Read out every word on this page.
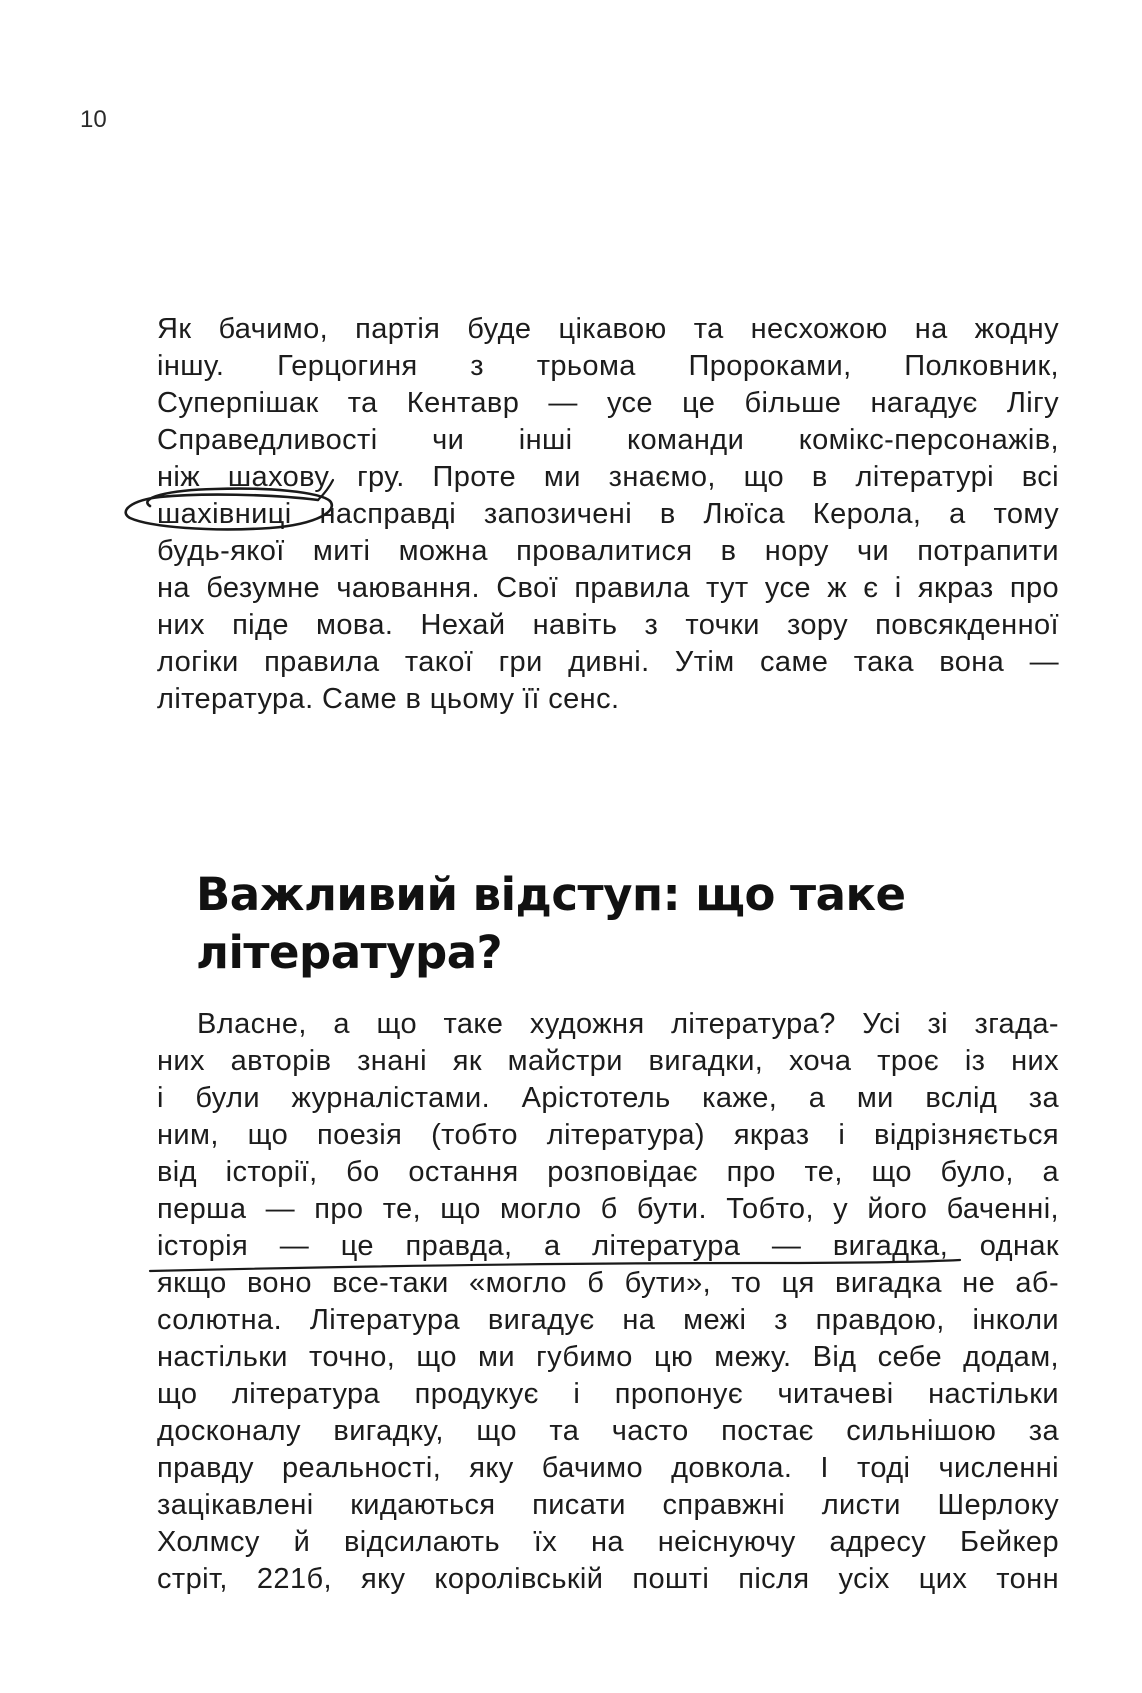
10
Як бачимо, партія буде цікавою та несхожою на жодну
іншу. Герцогиня з трьома Пророками, Полковник,
Суперпішак та Кентавр — усе це більше нагадує Лігу
Справедливості чи інші команди комікс-персонажів,
ніж шахову гру. Проте ми знаємо, що в літературі всі
шахівниці насправді запозичені в Люїса Керола, а тому
будь-якої миті можна провалитися в нору чи потрапити
на безумне чаювання. Свої правила тут усе ж є і якраз про
них піде мова. Нехай навіть з точки зору повсякденної
логіки правила такої гри дивні. Утім саме така вона —
література. Саме в цьому її сенс.
Важливий відступ: що таке
література?
Власне, а що таке художня література? Усі зі згада-
них авторів знані як майстри вигадки, хоча троє із них
і були журналістами. Арістотель каже, а ми вслід за
ним, що поезія (тобто література) якраз і відрізняється
від історії, бо остання розповідає про те, що було, а
перша — про те, що могло б бути. Тобто, у його баченні,
історія — це правда, а література — вигадка, однак
якщо воно все-таки «могло б бути», то ця вигадка не аб-
солютна. Література вигадує на межі з правдою, інколи
настільки точно, що ми губимо цю межу. Від себе додам,
що література продукує і пропонує читачеві настільки
досконалу вигадку, що та часто постає сильнішою за
правду реальності, яку бачимо довкола. І тоді численні
зацікавлені кидаються писати справжні листи Шерлоку
Холмсу й відсилають їх на неіснуючу адресу Бейкер
стріт, 221б, яку королівській пошті після усіх цих тонн
